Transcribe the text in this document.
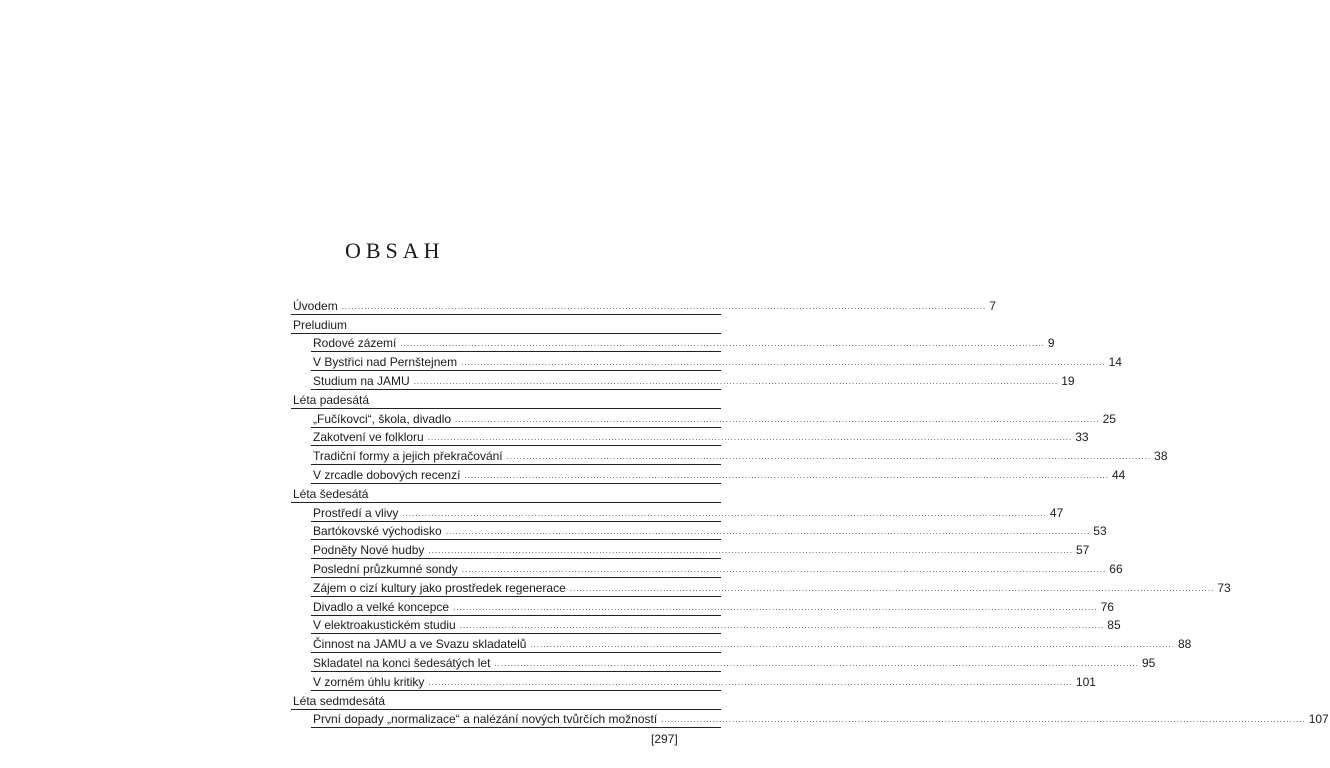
OBSAH
Úvodem ........................................................................................................................................................................................................ 7
Preludium
Rodové zázemí ........................................................................................................................................................................................................ 9
V Bystřici nad Pernštejnem ........................................................................................................................................................................................................ 14
Studium na JAMU ........................................................................................................................................................................................................ 19
Léta padesátá
„Fučíkovci“, škola, divadlo ........................................................................................................................................................................................................ 25
Zakotvení ve folkloru ........................................................................................................................................................................................................ 33
Tradiční formy a jejich překračování ........................................................................................................................................................................................................ 38
V zrcadle dobových recenzí ........................................................................................................................................................................................................ 44
Léta šedesátá
Prostředí a vlivy ........................................................................................................................................................................................................ 47
Bartókovské východisko ........................................................................................................................................................................................................ 53
Podněty Nové hudby ........................................................................................................................................................................................................ 57
Poslední průzkumné sondy ........................................................................................................................................................................................................ 66
Zájem o cizí kultury jako prostředek regenerace ........................................................................................................................................................................................................ 73
Divadlo a velké koncepce ........................................................................................................................................................................................................ 76
V elektroakustickém studiu ........................................................................................................................................................................................................ 85
Činnost na JAMU a ve Svazu skladatelů ........................................................................................................................................................................................................ 88
Skladatel na konci šedesátých let ........................................................................................................................................................................................................ 95
V zorném úhlu kritiky ........................................................................................................................................................................................................ 101
Léta sedmdesátá
První dopady „normalizace“ a nalézání nových tvůrčích možností ........................................................................................................................................................................................................ 107
[297]
